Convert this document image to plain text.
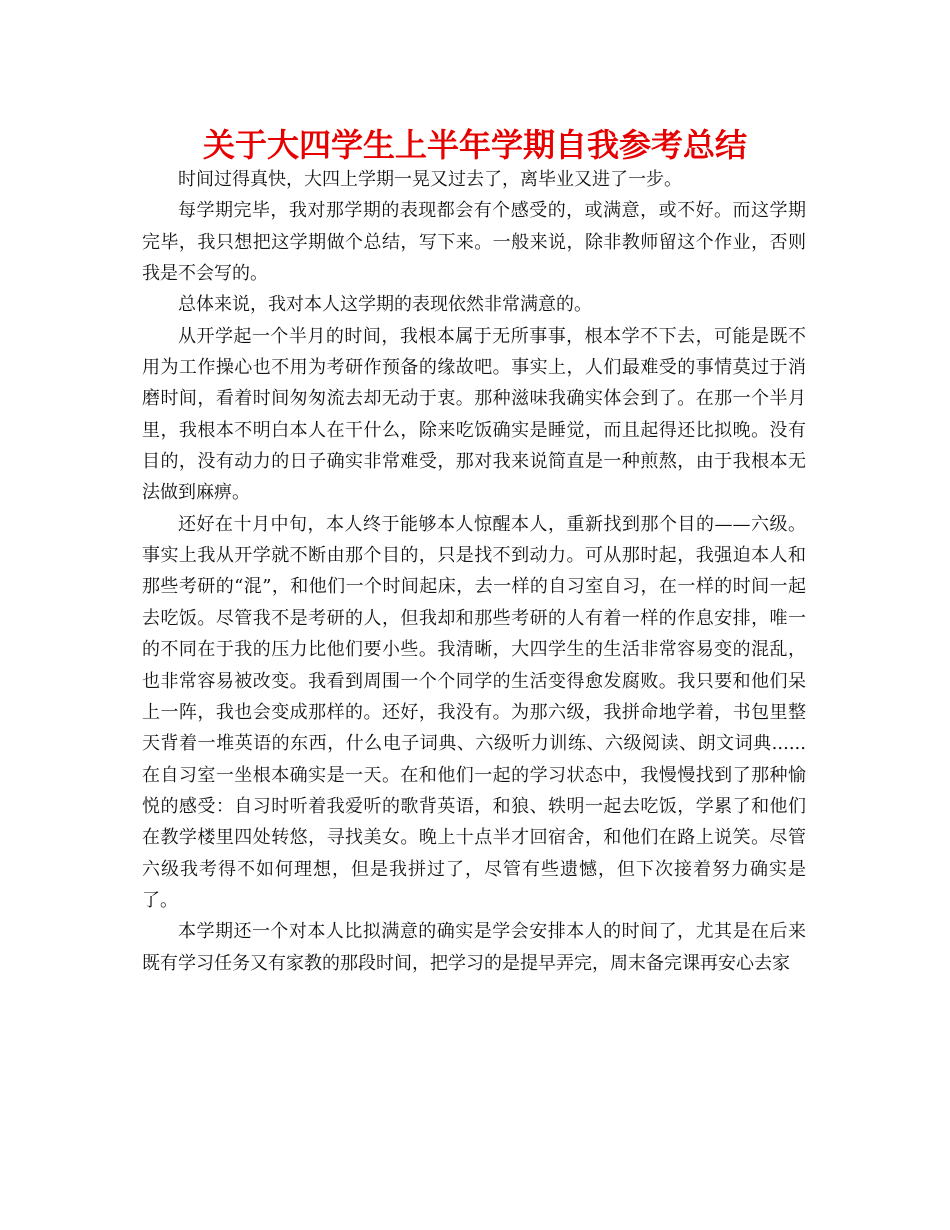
关于大四学生上半年学期自我参考总结

时间过得真快，大四上学期一晃又过去了，离毕业又进了一步。

每学期完毕，我对那学期的表现都会有个感受的，或满意，或不好。而这学期完毕，我只想把这学期做个总结，写下来。一般来说，除非教师留这个作业，否则我是不会写的。

总体来说，我对本人这学期的表现依然非常满意的。

从开学起一个半月的时间，我根本属于无所事事，根本学不下去，可能是既不用为工作操心也不用为考研作预备的缘故吧。事实上，人们最难受的事情莫过于消磨时间，看着时间匆匆流去却无动于衷。那种滋味我确实体会到了。在那一个半月里，我根本不明白本人在干什么，除来吃饭确实是睡觉，而且起得还比拟晚。没有目的，没有动力的日子确实非常难受，那对我来说简直是一种煎熬，由于我根本无法做到麻痹。

还好在十月中旬，本人终于能够本人惊醒本人，重新找到那个目的——六级。事实上我从开学就不断由那个目的，只是找不到动力。可从那时起，我强迫本人和那些考研的“混”，和他们一个时间起床，去一样的自习室自习，在一样的时间一起去吃饭。尽管我不是考研的人，但我却和那些考研的人有着一样的作息安排，唯一的不同在于我的压力比他们要小些。我清晰，大四学生的生活非常容易变的混乱，也非常容易被改变。我看到周围一个个同学的生活变得愈发腐败。我只要和他们呆上一阵，我也会变成那样的。还好，我没有。为那六级，我拼命地学着，书包里整天背着一堆英语的东西，什么电子词典、六级听力训练、六级阅读、朗文词典......在自习室一坐根本确实是一天。在和他们一起的学习状态中，我慢慢找到了那种愉悦的感受：自习时听着我爱听的歌背英语，和狼、轶明一起去吃饭，学累了和他们在教学楼里四处转悠，寻找美女。晚上十点半才回宿舍，和他们在路上说笑。尽管六级我考得不如何理想，但是我拼过了，尽管有些遗憾，但下次接着努力确实是了。

本学期还一个对本人比拟满意的确实是学会安排本人的时间了，尤其是在后来既有学习任务又有家教的那段时间，把学习的是提早弄完，周末备完课再安心去家
